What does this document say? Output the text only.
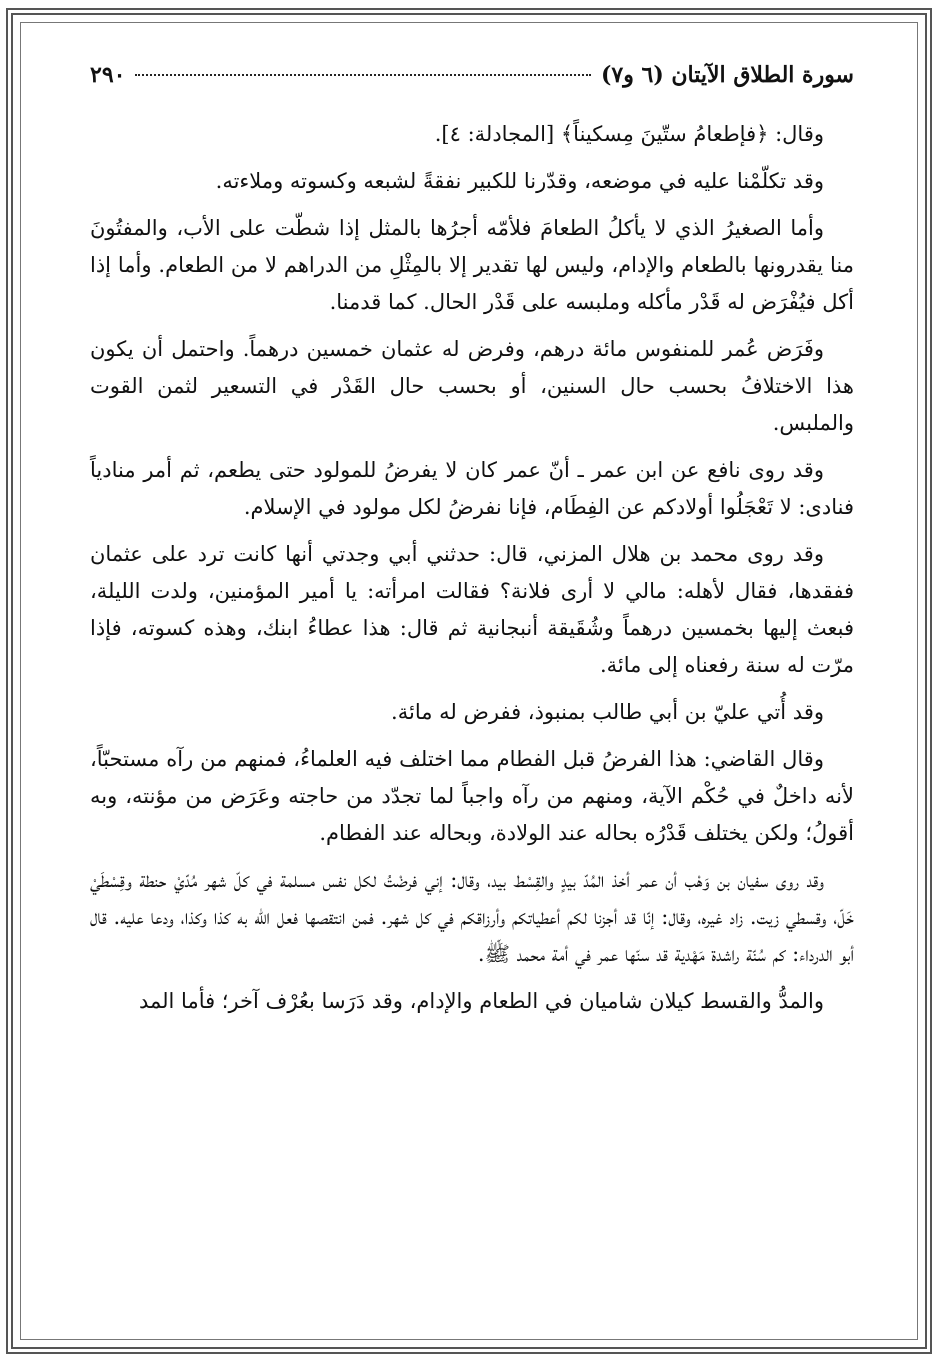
سورة الطلاق الآيتان (٦ و٧)
٢٩٠

وقال: ﴿فإطعامُ ستّينَ مِسكيناً﴾ [المجادلة: ٤].

وقد تكلّمْنا عليه في موضعه، وقدّرنا للكبير نفقةً لشبعه وكسوته وملاءته.

وأما الصغيرُ الذي لا يأكلُ الطعامَ فلأمّه أجرُها بالمثل إذا شطّت على الأب، والمفتُونَ منا يقدرونها بالطعام والإدام، وليس لها تقدير إلا بالمِثْلِ من الدراهم لا من الطعام. وأما إذا أكل فيُفْرَض له قَدْر مأكله وملبسه على قَدْر الحال. كما قدمنا.

وفَرَض عُمر للمنفوس مائة درهم، وفرض له عثمان خمسين درهماً. واحتمل أن يكون هذا الاختلافُ بحسب حال السنين، أو بحسب حال القَدْر في التسعير لثمن القوت والملبس.

وقد روى نافع عن ابن عمر ـ أنّ عمر كان لا يفرضُ للمولود حتى يطعم، ثم أمر منادياً فنادى: لا تَعْجَلُوا أولادكم عن الفِطَام، فإنا نفرضُ لكل مولود في الإسلام.

وقد روى محمد بن هلال المزني، قال: حدثني أبي وجدتي أنها كانت ترد على عثمان ففقدها، فقال لأهله: مالي لا أرى فلانة؟ فقالت امرأته: يا أمير المؤمنين، ولدت الليلة، فبعث إليها بخمسين درهماً وشُقَيقة أنبجانية ثم قال: هذا عطاءُ ابنك، وهذه كسوته، فإذا مرّت له سنة رفعناه إلى مائة.

وقد أُتي عليّ بن أبي طالب بمنبوذ، ففرض له مائة.

وقال القاضي: هذا الفرضُ قبل الفطام مما اختلف فيه العلماءُ، فمنهم من رآه مستحبّاً، لأنه داخلٌ في حُكْم الآية، ومنهم من رآه واجباً لما تجدّد من حاجته وعَرَض من مؤنته، وبه أقولُ؛ ولكن يختلف قَدْرُه بحاله عند الولادة، وبحاله عند الفطام.

وقد روى سفيان بن وَهْب أن عمر أخذ المُدّ بيدٍ والقِسْط بيد، وقال: إني فرضْتُ لكل نفس مسلمة في كلّ شهر مُدّيْ حنطة وقِسْطَيْ خَلّ، وقسطي زيت. زاد غيره، وقال: إنّا قد أجزنا لكم أعطياتكم وأرزاقكم في كل شهر. فمن انتقصها فعل الله به كذا وكذا، ودعا عليه. قال أبو الدرداء: كم سُنّة راشدة مَهْدية قد سنّها عمر في أمة محمد ﷺ.

والمدُّ والقسط كيلان شاميان في الطعام والإدام، وقد دَرَسا بعُرْف آخر؛ فأما المد
